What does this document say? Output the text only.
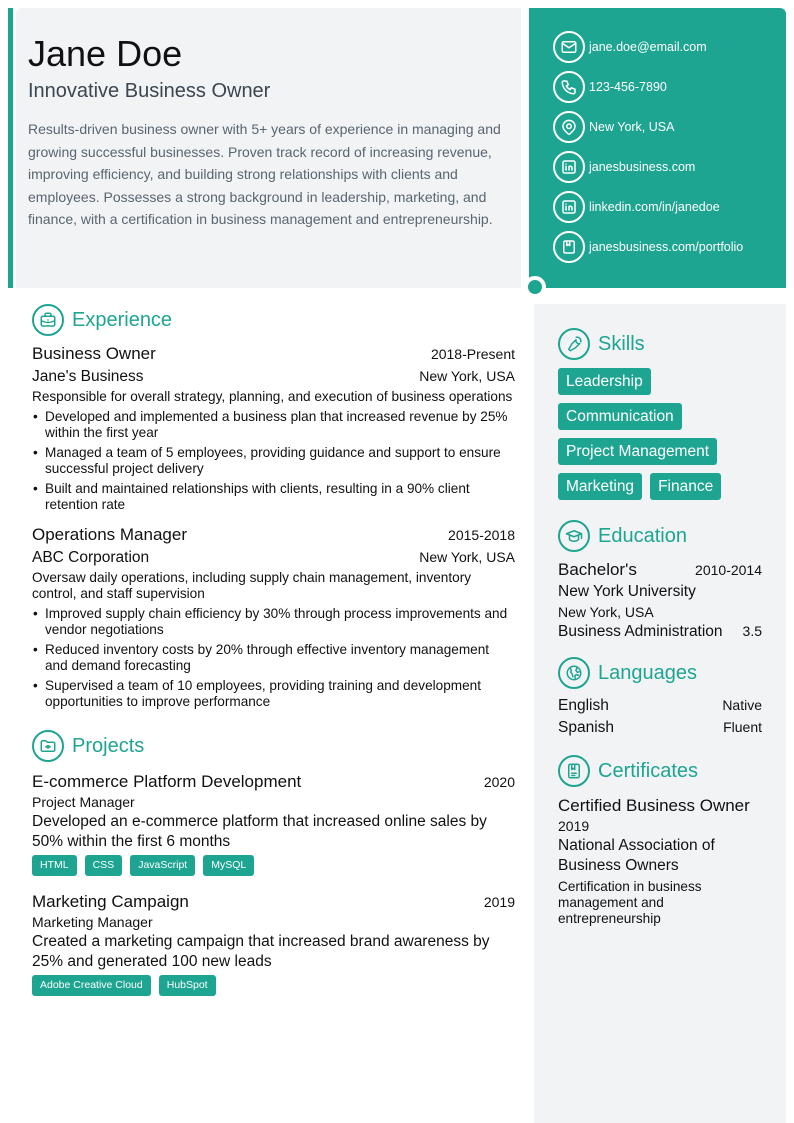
Jane Doe
Innovative Business Owner
Results-driven business owner with 5+ years of experience in managing and growing successful businesses. Proven track record of increasing revenue, improving efficiency, and building strong relationships with clients and employees. Possesses a strong background in leadership, marketing, and finance, with a certification in business management and entrepreneurship.
jane.doe@email.com
123-456-7890
New York, USA
janesbusiness.com
linkedin.com/in/janedoe
janesbusiness.com/portfolio
Experience
Business Owner	2018-Present
Jane's Business	New York, USA
Responsible for overall strategy, planning, and execution of business operations
• Developed and implemented a business plan that increased revenue by 25% within the first year
• Managed a team of 5 employees, providing guidance and support to ensure successful project delivery
• Built and maintained relationships with clients, resulting in a 90% client retention rate
Operations Manager	2015-2018
ABC Corporation	New York, USA
Oversaw daily operations, including supply chain management, inventory control, and staff supervision
• Improved supply chain efficiency by 30% through process improvements and vendor negotiations
• Reduced inventory costs by 20% through effective inventory management and demand forecasting
• Supervised a team of 10 employees, providing training and development opportunities to improve performance
Projects
E-commerce Platform Development	2020
Project Manager
Developed an e-commerce platform that increased online sales by 50% within the first 6 months
HTML	CSS	JavaScript	MySQL
Marketing Campaign	2019
Marketing Manager
Created a marketing campaign that increased brand awareness by 25% and generated 100 new leads
Adobe Creative Cloud	HubSpot
Skills
Leadership
Communication
Project Management
Marketing	Finance
Education
Bachelor's	2010-2014
New York University
New York, USA
Business Administration 3.5
Languages
English	Native
Spanish	Fluent
Certificates
Certified Business Owner
2019
National Association of Business Owners
Certification in business management and entrepreneurship
